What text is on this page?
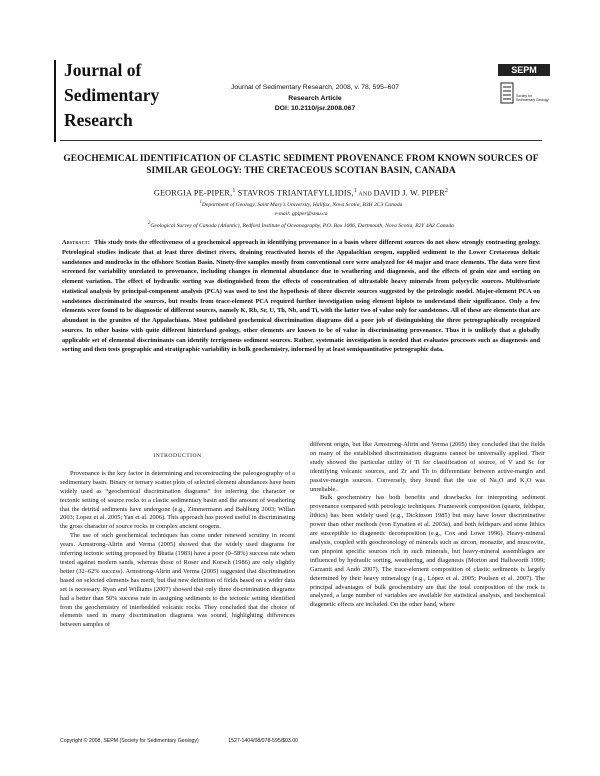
Journal of
Sedimentary
Research
Journal of Sedimentary Research, 2008, v. 78, 595–607
Research Article
DOI: 10.2110/jsr.2008.067
SEPM
Society for
Sedimentary Geology
GEOCHEMICAL IDENTIFICATION OF CLASTIC SEDIMENT PROVENANCE FROM KNOWN SOURCES OF
SIMILAR GEOLOGY: THE CRETACEOUS SCOTIAN BASIN, CANADA
GEORGIA PE-PIPER,$^1$ STAVROS TRIANTAFYLLIDIS,$^1$ AND DAVID J. W. PIPER$^2$
$^1$Department of Geology, Saint Mary's University, Halifax, Nova Scotia, B3H 3C3 Canada
e-mail: gpiper@smu.ca
$^2$Geological Survey of Canada (Atlantic), Bedford Institute of Oceanography, P.O. Box 1006, Dartmouth, Nova Scotia, B2Y 4A2 Canada
Abstract: This study tests the effectiveness of a geochemical approach in identifying provenance in a basin where different sources do not show strongly contrasting geology. Petrological studies indicate that at least three distinct rivers, draining reactivated horsts of the Appalachian orogen, supplied sediment to the Lower Cretaceous deltaic sandstones and mudrocks in the offshore Scotian Basin. Ninety-five samples mostly from conventional core were analyzed for 44 major and trace elements. The data were first screened for variability unrelated to provenance, including changes in elemental abundance due to weathering and diagenesis, and the effects of grain size and sorting on element variation. The effect of hydraulic sorting was distinguished from the effects of concentration of ultrastable heavy minerals from polycyclic sources. Multivariate statistical analysis by principal-component analysis (PCA) was used to test the hypothesis of three discrete sources suggested by the petrologic model. Major-element PCA on sandstones discriminated the sources, but results from trace-element PCA required further investigation using element biplots to understand their significance. Only a few elements were found to be diagnostic of different sources, namely K, Rb, Sr, U, Th, Nb, and Ti, with the latter two of value only for sandstones. All of these are elements that are abundant in the granites of the Appalachians. Most published geochemical discrimination diagrams did a poor job of distinguishing the three petrographically recognized sources. In other basins with quite different hinterland geology, other elements are known to be of value in discriminating provenance. Thus it is unlikely that a globally applicable set of elemental discriminants can identify terrigenous sediment sources. Rather, systematic investigation is needed that evaluates processes such as diagenesis and sorting and then tests geographic and stratigraphic variability in bulk geochemistry, informed by at least semiquantitative petrographic data.
INTRODUCTION

Provenance is the key factor in determining and reconstructing the paleogeography of a sedimentary basin. Binary or ternary scatter plots of selected element abundances have been widely used as “geochemical discrimination diagrams” for inferring the character or tectonic setting of source rocks to a clastic sedimentary basin and the amount of weathering that the detrital sediments have undergone (e.g., Zimmermann and Bahlburg 2003; Willan 2003; Lopez et al. 2005; Yan et al. 2006). This approach has proved useful in discriminating the gross character of source rocks in complex ancient orogens.

The use of such geochemical techniques has come under renewed scrutiny in recent years. Armstrong-Altrin and Verma (2005) showed that the widely used diagrams for inferring tectonic setting proposed by Bhatia (1983) have a poor (0–58%) success rate when tested against modern sands, whereas those of Roser and Korsch (1986) are only slightly better (32–62% success). Armstrong-Altrin and Verma (2005) suggested that discrimination based on selected elements has merit, but that new definition of fields based on a wider data set is necessary. Ryan and Williams (2007) showed that only three discrimination diagrams had a better than 50% success rate in assigning sediments to the tectonic setting identified from the geochemistry of interbedded volcanic rocks. They concluded that the choice of elements used in many discrimination diagrams was sound, highlighting differences between samples of

different origin, but like Armstrong-Altrin and Verma (2005) they concluded that the fields on many of the established discrimination diagrams cannot be universally applied. Their study showed the particular utility of Ti for classification of source, of V and Sc for identifying volcanic sources, and Zr and Th to differentiate between active-margin and passive-margin sources. Conversely, they found that the use of Na₂O and K₂O was unreliable.

Bulk geochemistry has both benefits and drawbacks for interpreting sediment provenance compared with petrologic techniques. Framework composition (quartz, feldspar, lithics) has been widely used (e.g., Dickinson 1985) but may have lower discriminative power than other methods (von Eynatten et al. 2003a), and both feldspars and some lithics are susceptible to diagenetic decomposition (e.g., Cox and Lowe 1996). Heavy-mineral analysis, coupled with geochronology of minerals such as zircon, monazite, and muscovite, can pinpoint specific sources rich in such minerals, but heavy-mineral assemblages are influenced by hydraulic sorting, weathering, and diagenesis (Morton and Hallsworth 1999; Garzanti and Andò 2007). The trace-element composition of clastic sediments is largely determined by their heavy mineralogy (e.g., López et al. 2005; Poulsen et al. 2007). The principal advantages of bulk geochemistry are that the total composition of the rock is analyzed, a large number of variables are available for statistical analysis, and isochemical diagenetic effects are included. On the other hand, where

Copyright © 2008, SEPM (Society for Sedimentary Geology)	1527-1404/08/078-595/$03.00
